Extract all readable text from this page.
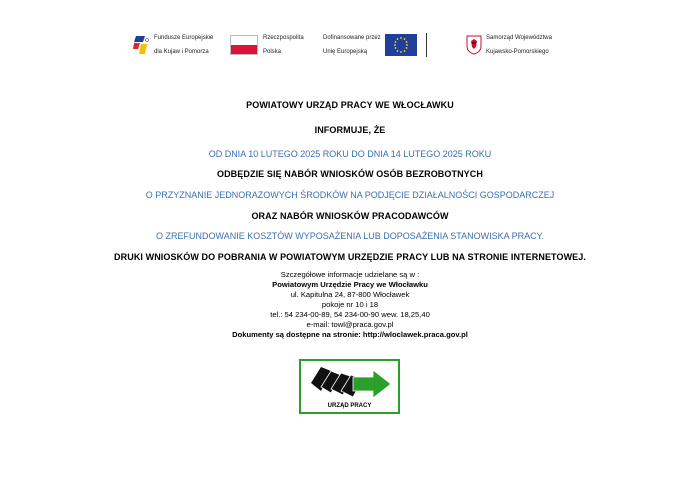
Fundusze Europejskie

dla Kujaw i Pomorza

Rzeczpospolita

Polska

Dofinansowane przez

Unię Europejską

Samorząd Województwa

Kujawsko-Pomorskiego

POWIATOWY URZĄD PRACY WE WŁOCŁAWKU
INFORMUJE, ŻE
OD DNIA 10 LUTEGO 2025 ROKU DO DNIA 14 LUTEGO 2025 ROKU
ODBĘDZIE SIĘ NABÓR WNIOSKÓW OSÓB BEZROBOTNYCH
O PRZYZNANIE JEDNORAZOWYCH ŚRODKÓW NA PODJĘCIE DZIAŁALNOŚCI GOSPODARCZEJ
ORAZ NABÓR WNIOSKÓW PRACODAWCÓW
O ZREFUNDOWANIE KOSZTÓW WYPOSAŻENIA LUB DOPOSAŻENIA STANOWISKA PRACY.
DRUKI WNIOSKÓW DO POBRANIA W POWIATOWYM URZĘDZIE PRACY LUB NA STRONIE INTERNETOWEJ.
Szczegółowe informacje udzielane są w :
Powiatowym Urzędzie Pracy we Włocławku
ul. Kapitulna 24, 87-800 Włocławek
pokoje nr 10 i 18
tel.: 54 234-00-89, 54 234-00-90 wew. 18,25,40
e-mail: towl@praca.gov.pl
Dokumenty są dostępne na stronie: http://wloclawek.praca.gov.pl
URZĄD PRACY
